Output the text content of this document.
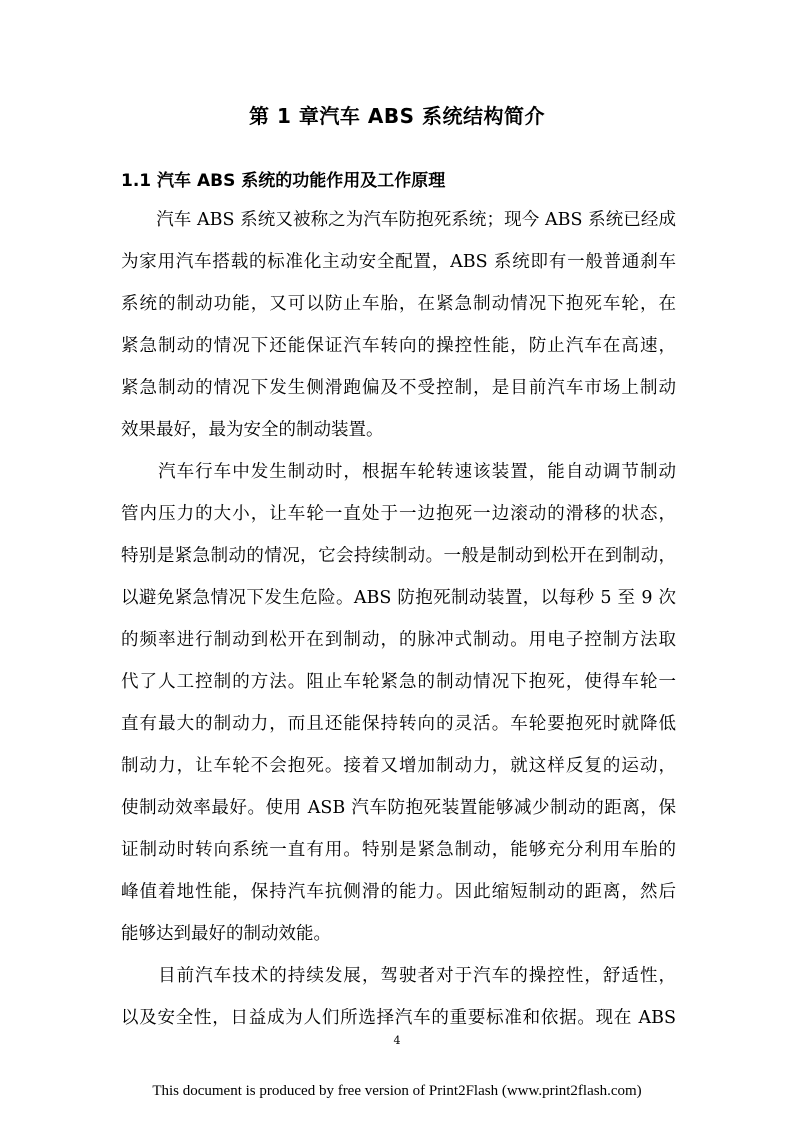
第 1 章汽车 ABS 系统结构简介
1.1 汽车 ABS 系统的功能作用及工作原理
　　汽车 ABS 系统又被称之为汽车防抱死系统；现今 ABS 系统已经成
为家用汽车搭载的标准化主动安全配置，ABS 系统即有一般普通刹车
系统的制动功能，又可以防止车胎，在紧急制动情况下抱死车轮，在
紧急制动的情况下还能保证汽车转向的操控性能，防止汽车在高速，
紧急制动的情况下发生侧滑跑偏及不受控制，是目前汽车市场上制动
效果最好，最为安全的制动装置。
　　汽车行车中发生制动时，根据车轮转速该装置，能自动调节制动
管内压力的大小，让车轮一直处于一边抱死一边滚动的滑移的状态，
特别是紧急制动的情况，它会持续制动。一般是制动到松开在到制动，
以避免紧急情况下发生危险。ABS 防抱死制动装置，以每秒 5 至 9 次
的频率进行制动到松开在到制动，的脉冲式制动。用电子控制方法取
代了人工控制的方法。阻止车轮紧急的制动情况下抱死，使得车轮一
直有最大的制动力，而且还能保持转向的灵活。车轮要抱死时就降低
制动力，让车轮不会抱死。接着又增加制动力，就这样反复的运动，
使制动效率最好。使用 ASB 汽车防抱死装置能够减少制动的距离，保
证制动时转向系统一直有用。特别是紧急制动，能够充分利用车胎的
峰值着地性能，保持汽车抗侧滑的能力。因此缩短制动的距离，然后
能够达到最好的制动效能。
　　目前汽车技术的持续发展，驾驶者对于汽车的操控性，舒适性，
以及安全性，日益成为人们所选择汽车的重要标准和依据。现在 ABS
4
This document is produced by free version of Print2Flash (www.print2flash.com)
